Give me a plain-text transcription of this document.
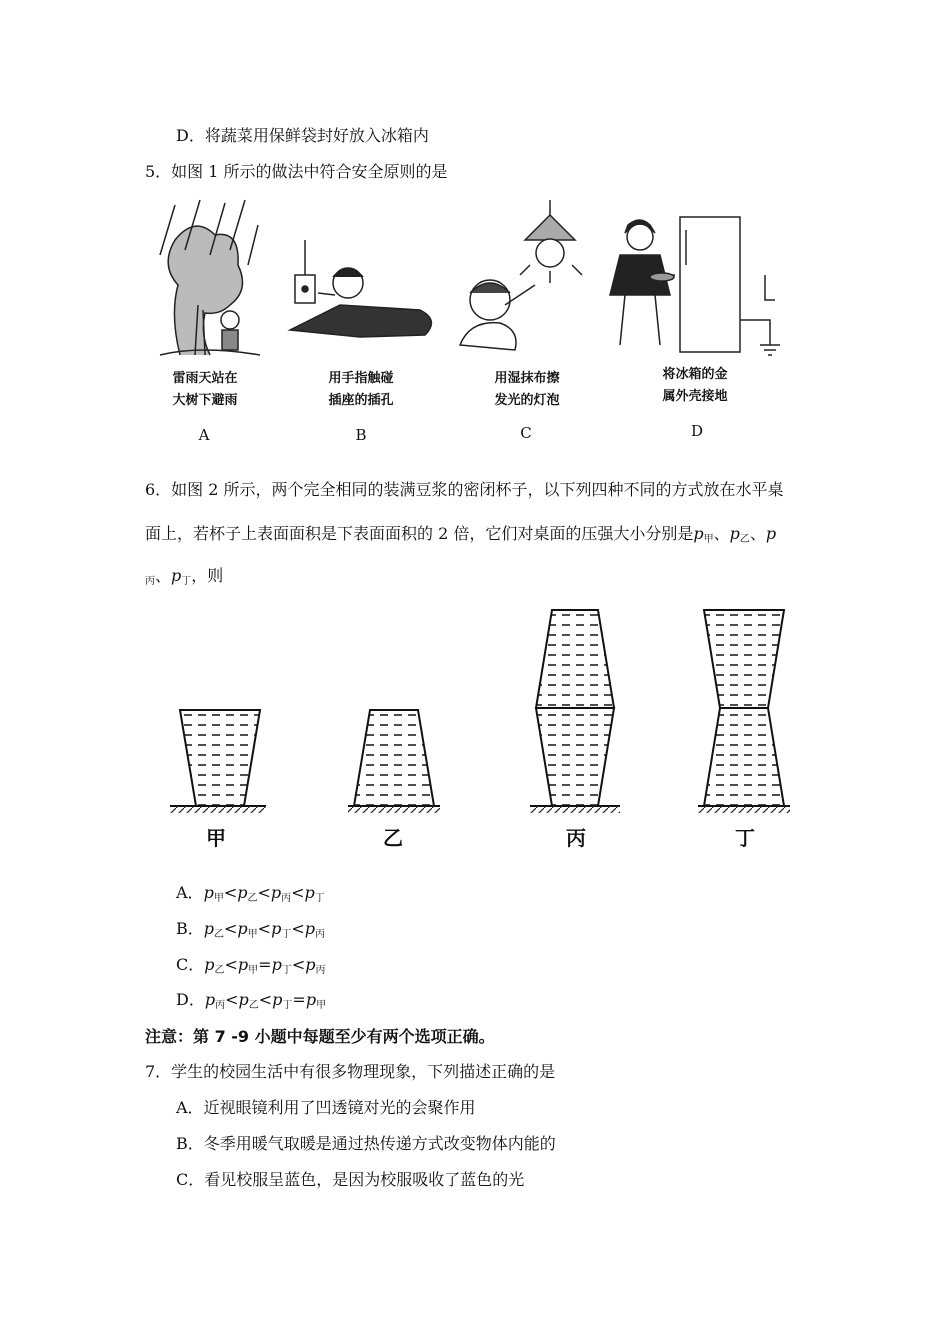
D．将蔬菜用保鲜袋封好放入冰箱内
5．如图 1 所示的做法中符合安全原则的是
雷雨天站在
大树下避雨
用手指触碰
插座的插孔
用湿抹布擦
发光的灯泡
将冰箱的金
属外壳接地
A	B	C	D
6．如图 2 所示，两个完全相同的装满豆浆的密闭杯子，以下列四种不同的方式放在水平桌
面上，若杯子上表面面积是下表面面积的 2 倍，它们对桌面的压强大小分别是$p_甲$、$p_乙$、p
$_丙$、$p_丁$，则
甲	乙	丙	丁
A．$p_甲<p_乙<p_丙<p_丁$
B．$p_乙<p_甲<p_丁<p_丙$
C．$p_乙<p_甲=p_丁<p_丙$
D．$p_丙<p_乙<p_丁=p_甲$
注意：第 7 -9 小题中每题至少有两个选项正确。
7．学生的校园生活中有很多物理现象，下列描述正确的是
A．近视眼镜利用了凹透镜对光的会聚作用
B．冬季用暖气取暖是通过热传递方式改变物体内能的
C．看见校服呈蓝色，是因为校服吸收了蓝色的光
